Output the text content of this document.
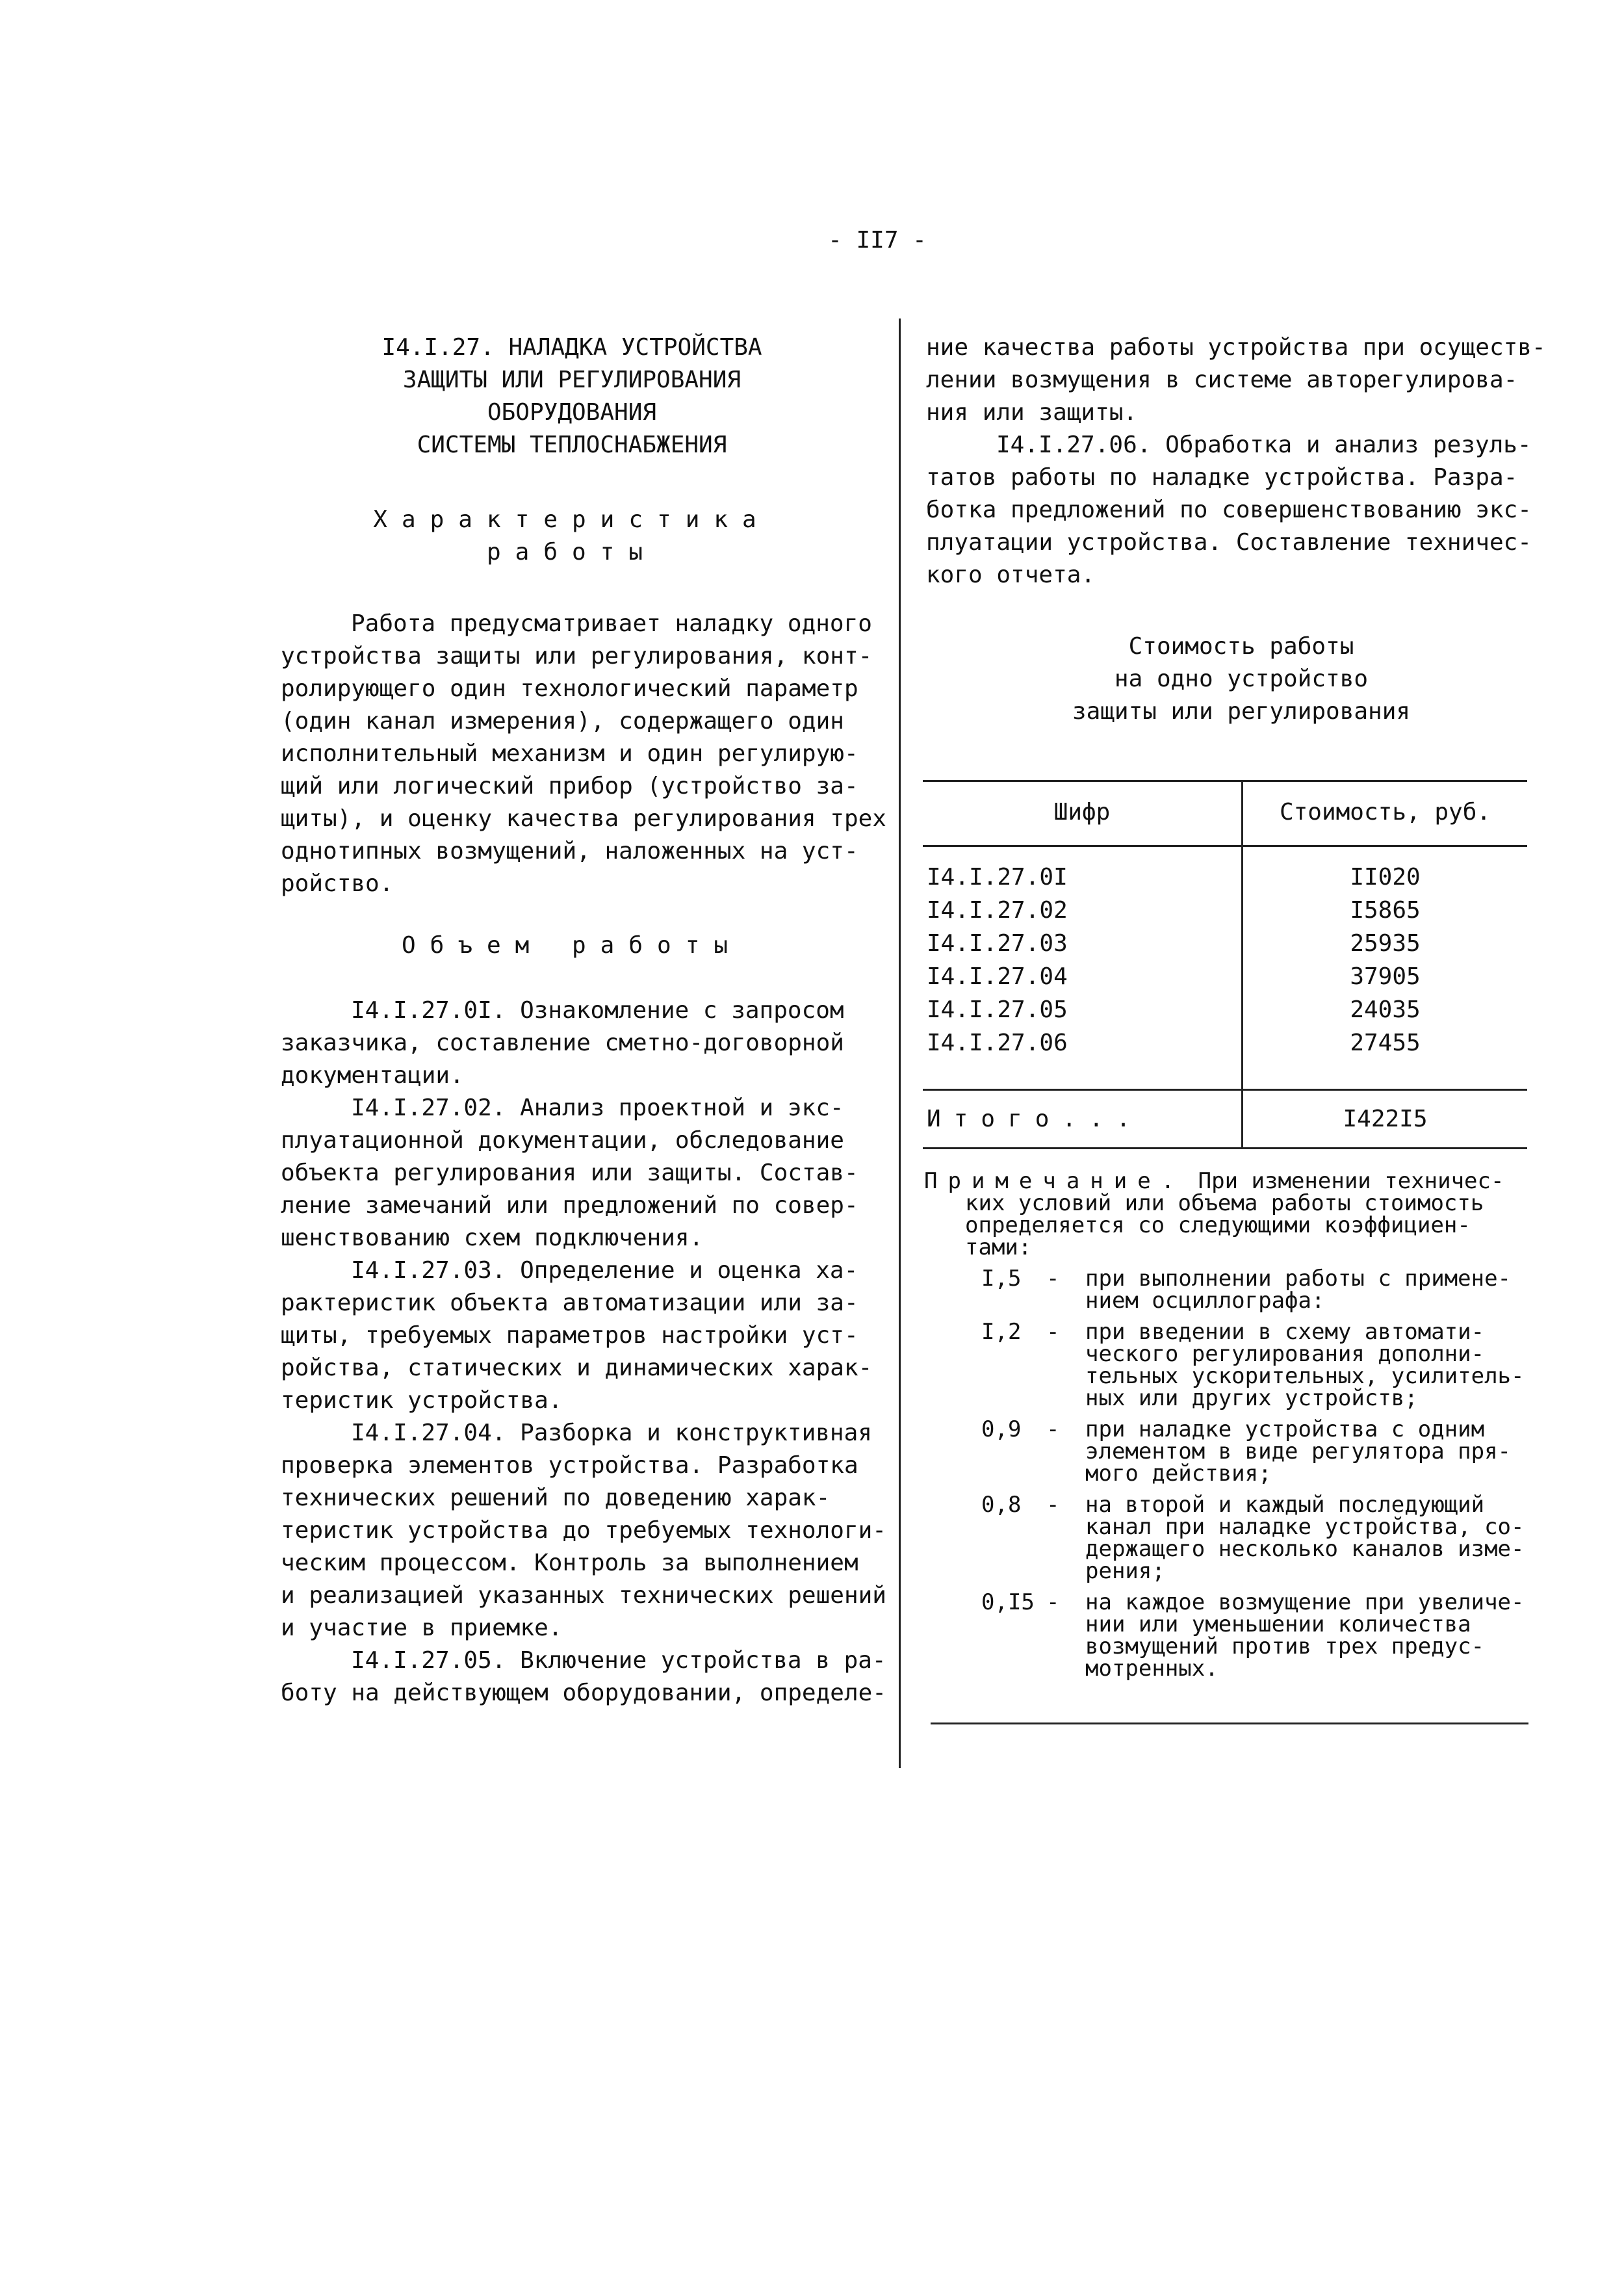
- II7 -
I4.I.27. НАЛАДКА УСТРОЙСТВА
ЗАЩИТЫ ИЛИ РЕГУЛИРОВАНИЯ
ОБОРУДОВАНИЯ
СИСТЕМЫ ТЕПЛОСНАБЖЕНИЯ
Характеристика
работы
Работа предусматривает наладку одного
устройства защиты или регулирования, конт-
ролирующего один технологический параметр
(один канал измерения), содержащего один
исполнительный механизм и один регулирую-
щий или логический прибор (устройство за-
щиты), и оценку качества регулирования трех
однотипных возмущений, наложенных на уст-
ройство.
Объем работы
I4.I.27.0I. Ознакомление с запросом
заказчика, составление сметно-договорной
документации.
I4.I.27.02. Анализ проектной и экс-
плуатационной документации, обследование
объекта регулирования или защиты. Состав-
ление замечаний или предложений по совер-
шенствованию схем подключения.
I4.I.27.03. Определение и оценка ха-
рактеристик объекта автоматизации или за-
щиты, требуемых параметров настройки уст-
ройства, статических и динамических харак-
теристик устройства.
I4.I.27.04. Разборка и конструктивная
проверка элементов устройства. Разработка
технических решений по доведению харак-
теристик устройства до требуемых технологи-
ческим процессом. Контроль за выполнением
и реализацией указанных технических решений
и участие в приемке.
I4.I.27.05. Включение устройства в ра-
боту на действующем оборудовании, определе-
ние качества работы устройства при осуществ-
лении возмущения в системе авторегулирова-
ния или защиты.
I4.I.27.06. Обработка и анализ резуль-
татов работы по наладке устройства. Разра-
ботка предложений по совершенствованию экс-
плуатации устройства. Составление техничес-
кого отчета.
Стоимость работы
на одно устройство
защиты или регулирования
Шифр	Стоимость, руб.
I4.I.27.0I	II020
I4.I.27.02	I5865
I4.I.27.03	25935
I4.I.27.04	37905
I4.I.27.05	24035
I4.I.27.06	27455
Итого...	I422I5
Примечание. При изменении техничес-
ких условий или объема работы стоимость
определяется со следующими коэффициен-
тами:
I,5 - при выполнении работы с примене-
нием осциллографа:
I,2 - при введении в схему автомати-
ческого регулирования дополни-
тельных ускорительных, усилитель-
ных или других устройств;
0,9 - при наладке устройства с одним
элементом в виде регулятора пря-
мого действия;
0,8 - на второй и каждый последующий
канал при наладке устройства, со-
держащего несколько каналов изме-
рения;
0,I5 - на каждое возмущение при увеличе-
нии или уменьшении количества
возмущений против трех предус-
мотренных.
